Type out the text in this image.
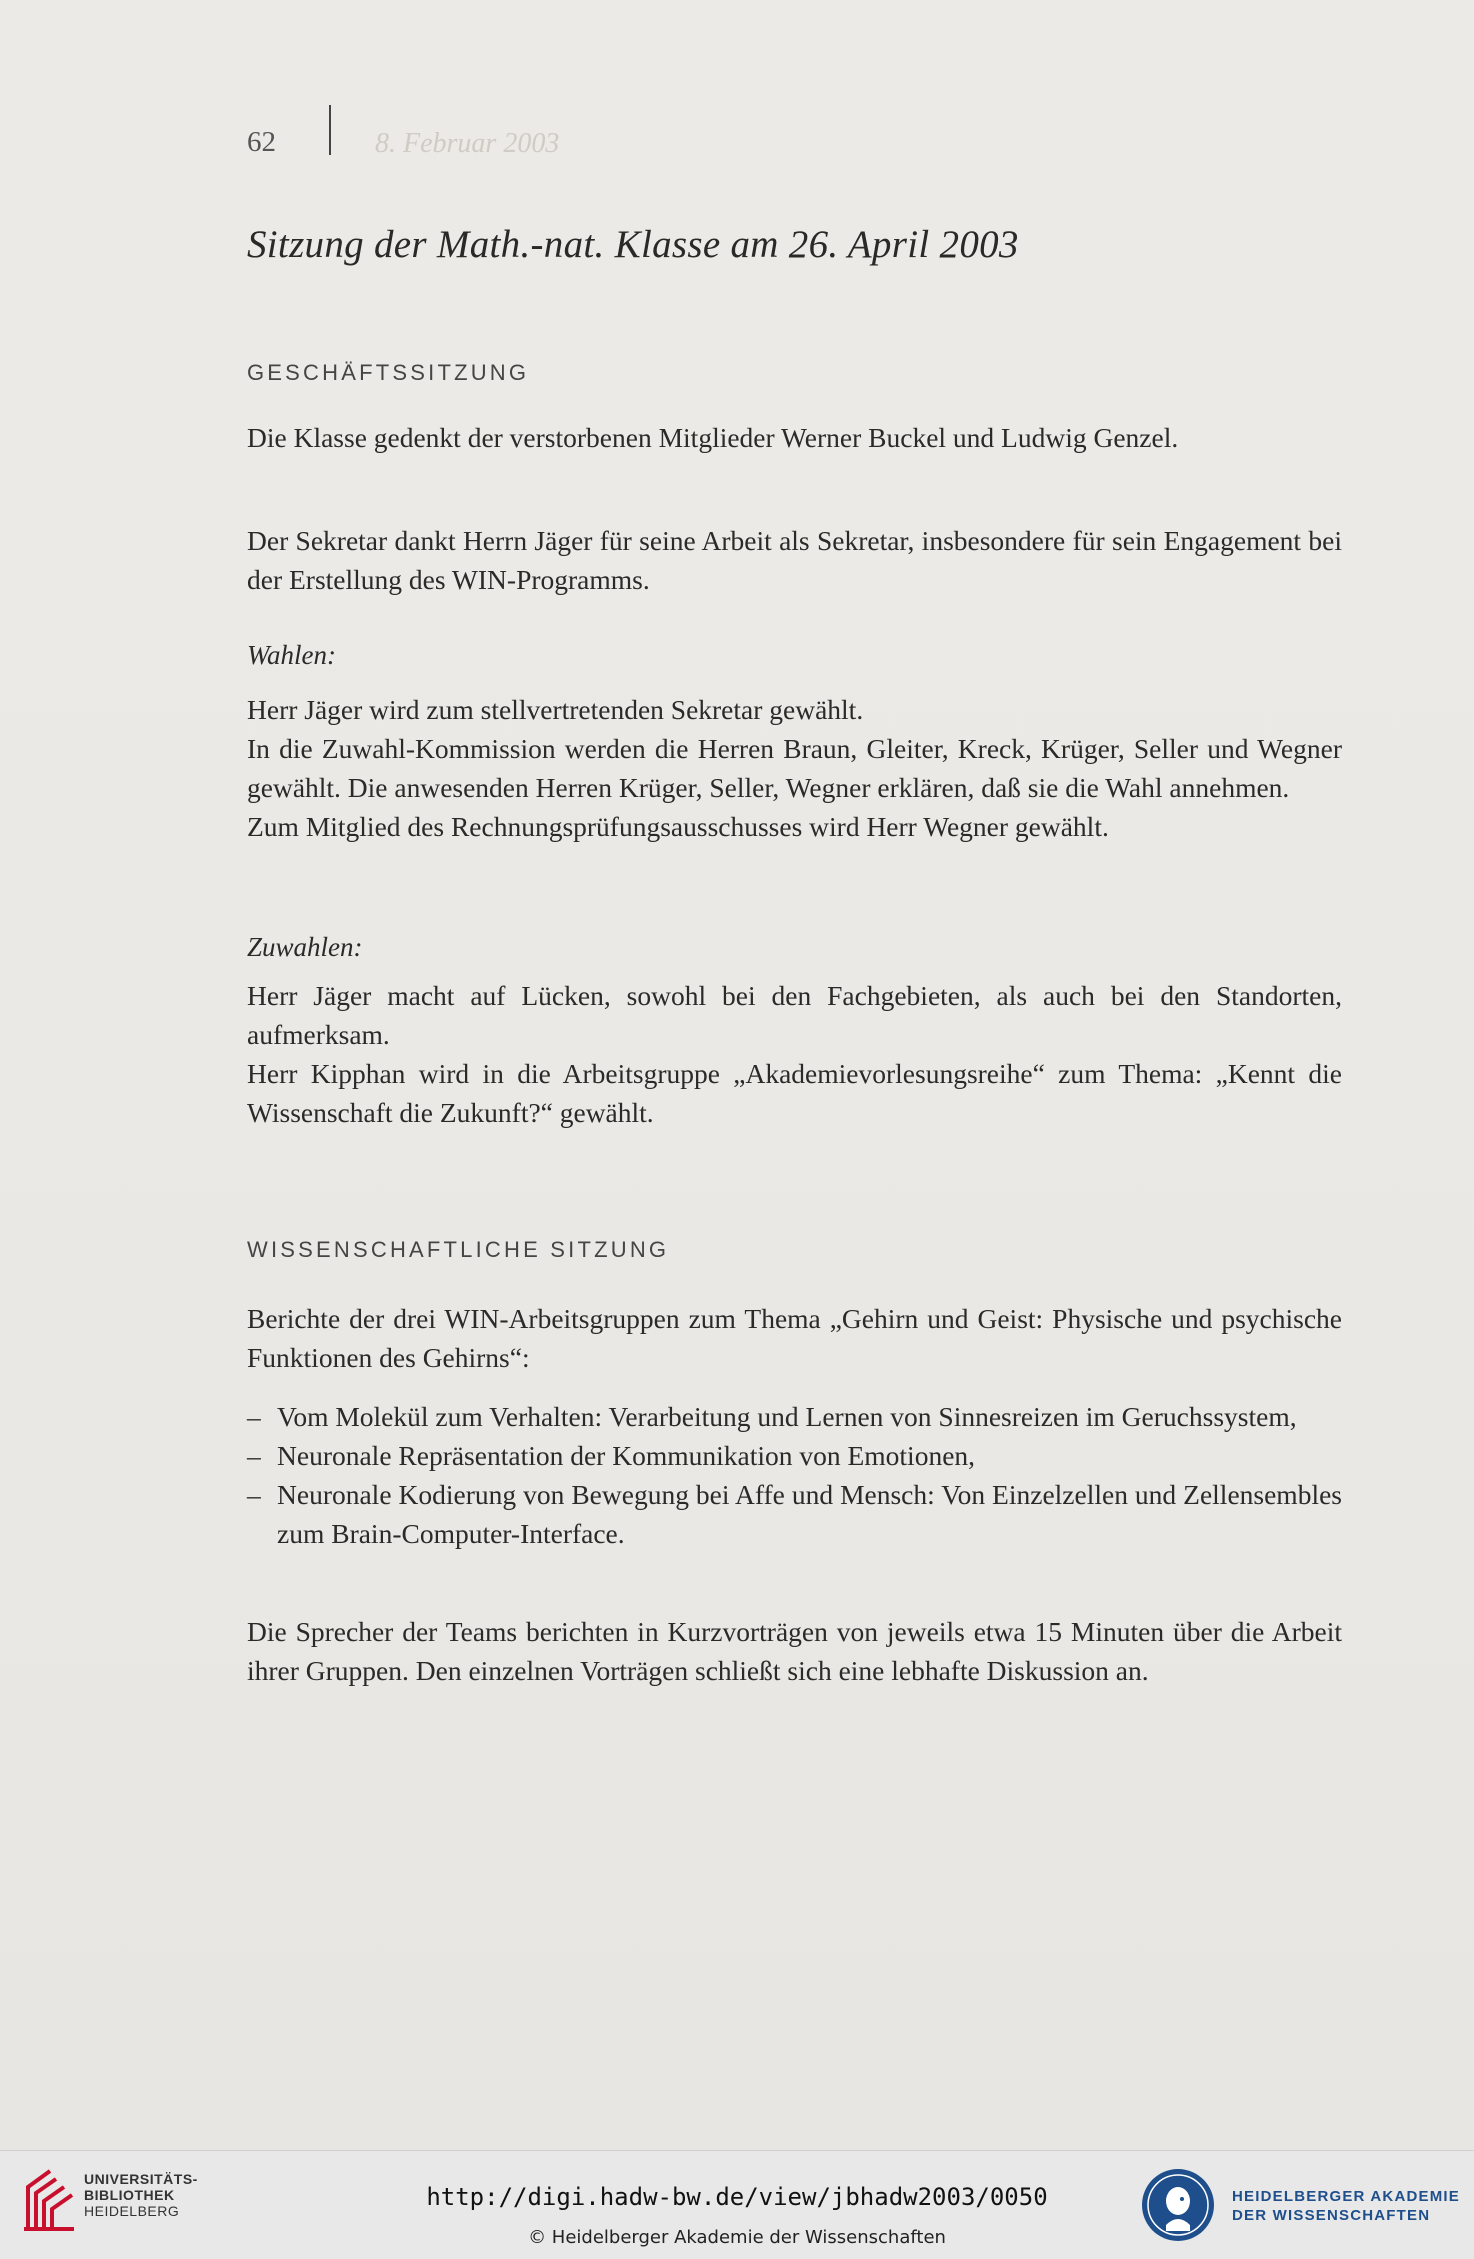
62	8. Februar 2003
Sitzung der Math.-nat. Klasse am 26. April 2003
GESCHÄFTSSITZUNG

Die Klasse gedenkt der verstorbenen Mitglieder Werner Buckel und Ludwig Genzel.

Der Sekretar dankt Herrn Jäger für seine Arbeit als Sekretar, insbesondere für sein Engagement bei der Erstellung des WIN-Programms.

Wahlen:

Herr Jäger wird zum stellvertretenden Sekretar gewählt.

In die Zuwahl-Kommission werden die Herren Braun, Gleiter, Kreck, Krüger, Seller und Wegner gewählt. Die anwesenden Herren Krüger, Seller, Wegner erklären, daß sie die Wahl annehmen.

Zum Mitglied des Rechnungsprüfungsausschusses wird Herr Wegner gewählt.

Zuwahlen:

Herr Jäger macht auf Lücken, sowohl bei den Fachgebieten, als auch bei den Standorten, aufmerksam.

Herr Kipphan wird in die Arbeitsgruppe „Akademievorlesungsreihe“ zum Thema: „Kennt die Wissenschaft die Zukunft?“ gewählt.

WISSENSCHAFTLICHE SITZUNG

Berichte der drei WIN-Arbeitsgruppen zum Thema „Gehirn und Geist: Physische und psychische Funktionen des Gehirns“:

– Vom Molekül zum Verhalten: Verarbeitung und Lernen von Sinnesreizen im Geruchssystem,
– Neuronale Repräsentation der Kommunikation von Emotionen,
– Neuronale Kodierung von Bewegung bei Affe und Mensch: Von Einzelzellen und Zellensembles zum Brain-Computer-Interface.

Die Sprecher der Teams berichten in Kurzvorträgen von jeweils etwa 15 Minuten über die Arbeit ihrer Gruppen. Den einzelnen Vorträgen schließt sich eine lebhafte Diskussion an.

UNIVERSITÄTS-
BIBLIOTHEK
HEIDELBERG	http://digi.hadw-bw.de/view/jbhadw2003/0050
© Heidelberger Akademie der Wissenschaften
HEIDELBERGER AKADEMIE
DER WISSENSCHAFTEN
